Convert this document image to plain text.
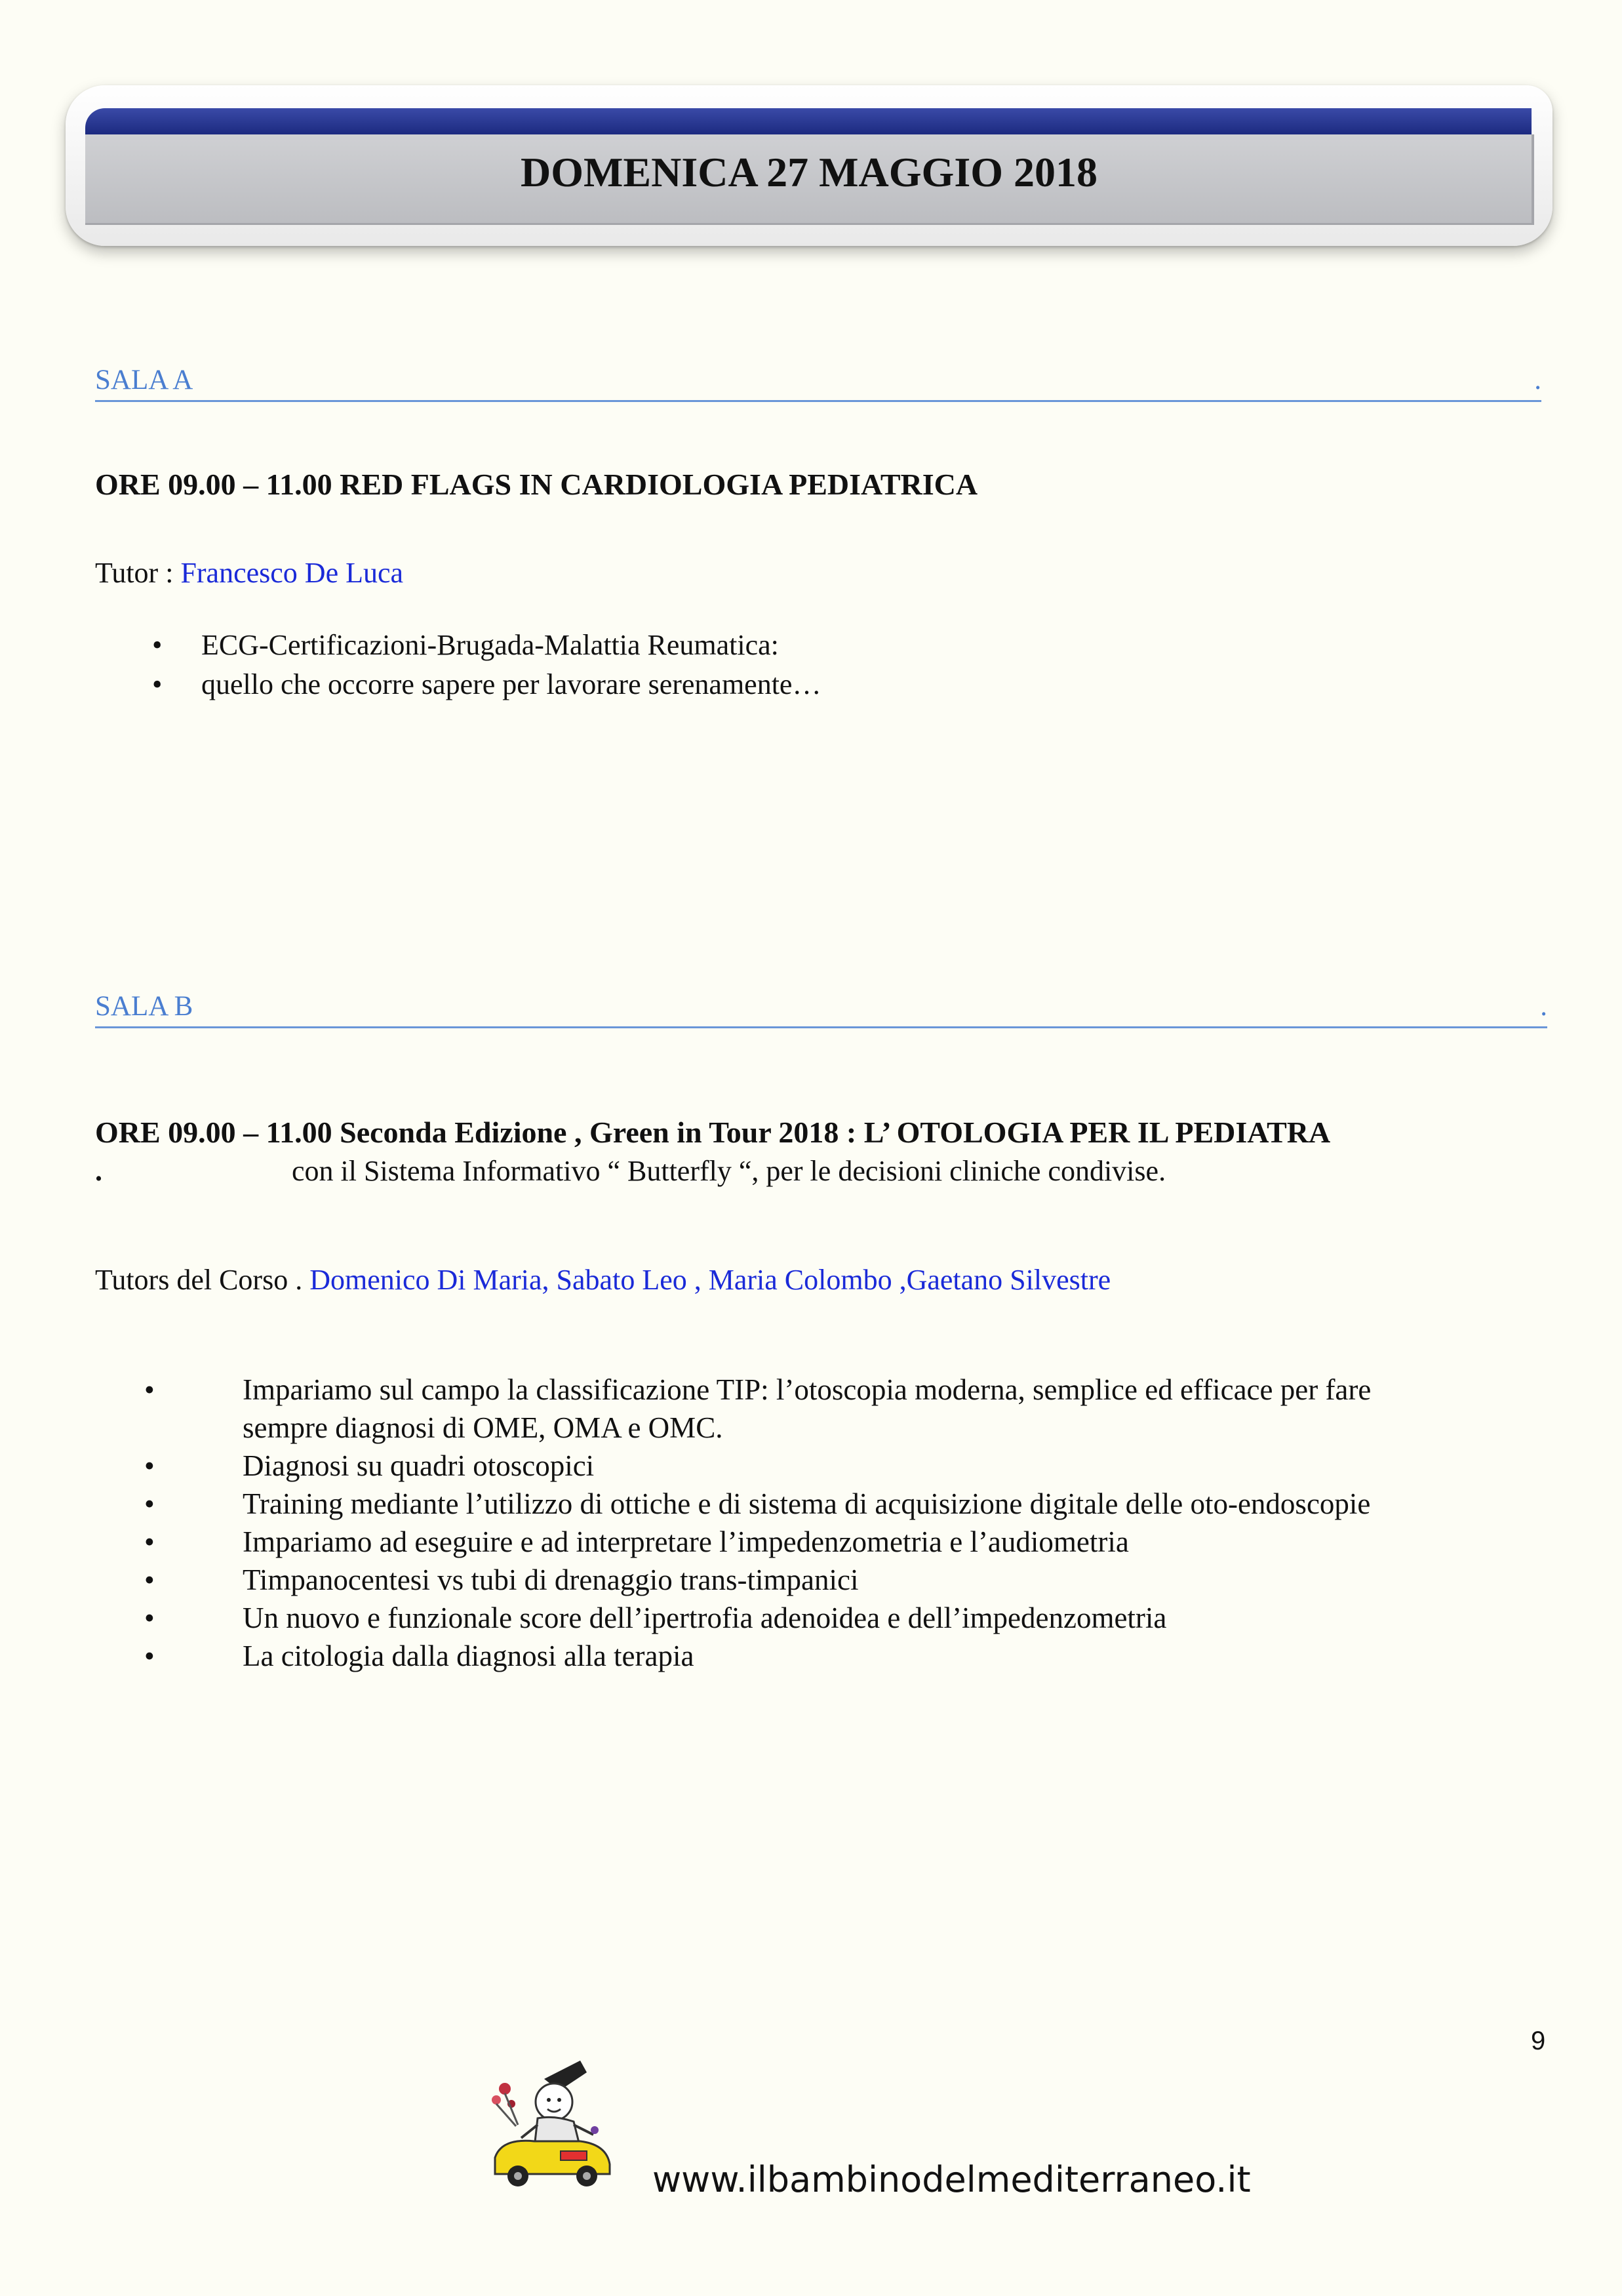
DOMENICA 27 MAGGIO 2018
SALA A	.
ORE 09.00 – 11.00 RED FLAGS IN CARDIOLOGIA PEDIATRICA
Tutor : Francesco De Luca
• ECG-Certificazioni-Brugada-Malattia Reumatica:
• quello che occorre sapere per lavorare serenamente…
SALA B	.
ORE 09.00 – 11.00 Seconda Edizione , Green in Tour 2018 : L’ OTOLOGIA PER IL PEDIATRA
.	con il Sistema Informativo “ Butterfly “, per le decisioni cliniche condivise.
Tutors del Corso . Domenico Di Maria, Sabato Leo , Maria Colombo ,Gaetano Silvestre
•	Impariamo sul campo la classificazione TIP: l’otoscopia moderna, semplice ed efficace per fare
sempre diagnosi di OME, OMA e OMC.
•	Diagnosi su quadri otoscopici
•	Training mediante l’utilizzo di ottiche e di sistema di acquisizione digitale delle oto-endoscopie
•	Impariamo ad eseguire e ad interpretare l’impedenzometria e l’audiometria
•	Timpanocentesi vs tubi di drenaggio trans-timpanici
•	Un nuovo e funzionale score dell’ipertrofia adenoidea e dell’impedenzometria
•	La citologia dalla diagnosi alla terapia
9
www.ilbambinodelmediterraneo.it
